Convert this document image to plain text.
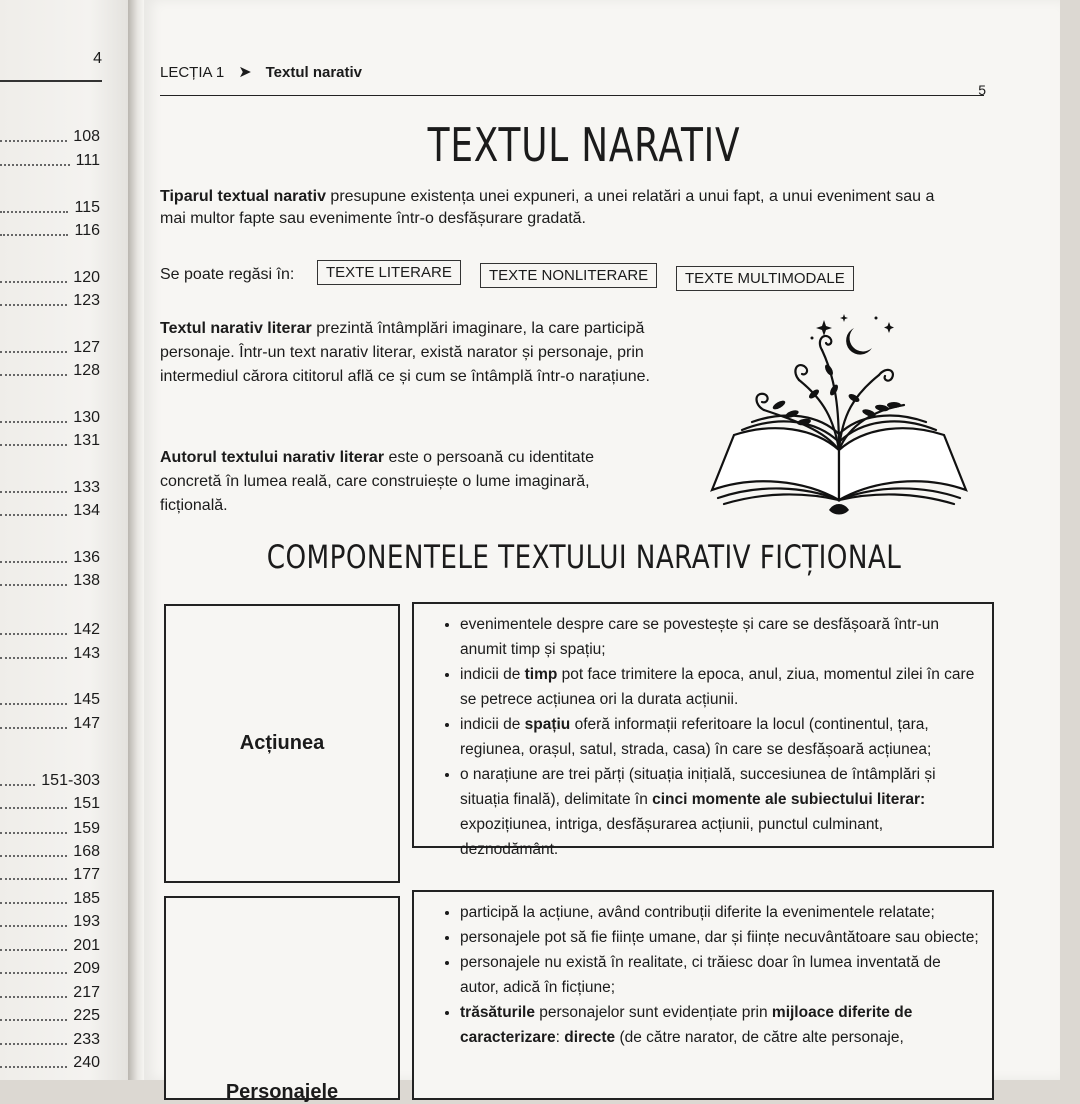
4
108
111
115
116
120
123
127
128
130
131
133
134
136
138
142
143
145
147
151-303
151
159
168
177
185
193
201
209
217
225
233
240
LECȚIA 1 ➤ Textul narativ
5
TEXTUL NARATIV
Tiparul textual narativ presupune existența unei expuneri, a unei relatări a unui fapt, a unui eveniment sau a mai multor fapte sau evenimente într-o desfășurare gradată.
Se poate regăsi în:	TEXTE LITERARE	TEXTE NONLITERARE	TEXTE MULTIMODALE
Textul narativ literar prezintă întâmplări imaginare, la care participă personaje. Într-un text narativ literar, există narator și personaje, prin intermediul cărora cititorul află ce și cum se întâmplă într-o narațiune.
Autorul textului narativ literar este o persoană cu identitate concretă în lumea reală, care construiește o lume imaginară, ficțională.
COMPONENTELE TEXTULUI NARATIV FICȚIONAL
Acțiunea
• evenimentele despre care se povestește și care se desfășoară într-un anumit timp și spațiu;
• indicii de timp pot face trimitere la epoca, anul, ziua, momentul zilei în care se petrece acțiunea ori la durata acțiunii.
• indicii de spațiu oferă informații referitoare la locul (continentul, țara, regiunea, orașul, satul, strada, casa) în care se desfășoară acțiunea;
• o narațiune are trei părți (situația inițială, succesiunea de întâmplări și situația finală), delimitate în cinci momente ale subiectului literar: expozițiunea, intriga, desfășurarea acțiunii, punctul culminant, deznodământ.
Personajele
• participă la acțiune, având contribuții diferite la evenimentele relatate;
• personajele pot să fie ființe umane, dar și ființe necuvântătoare sau obiecte;
• personajele nu există în realitate, ci trăiesc doar în lumea inventată de autor, adică în ficțiune;
• trăsăturile personajelor sunt evidențiate prin mijloace diferite de caracterizare: directe (de către narator, de către alte personaje,
